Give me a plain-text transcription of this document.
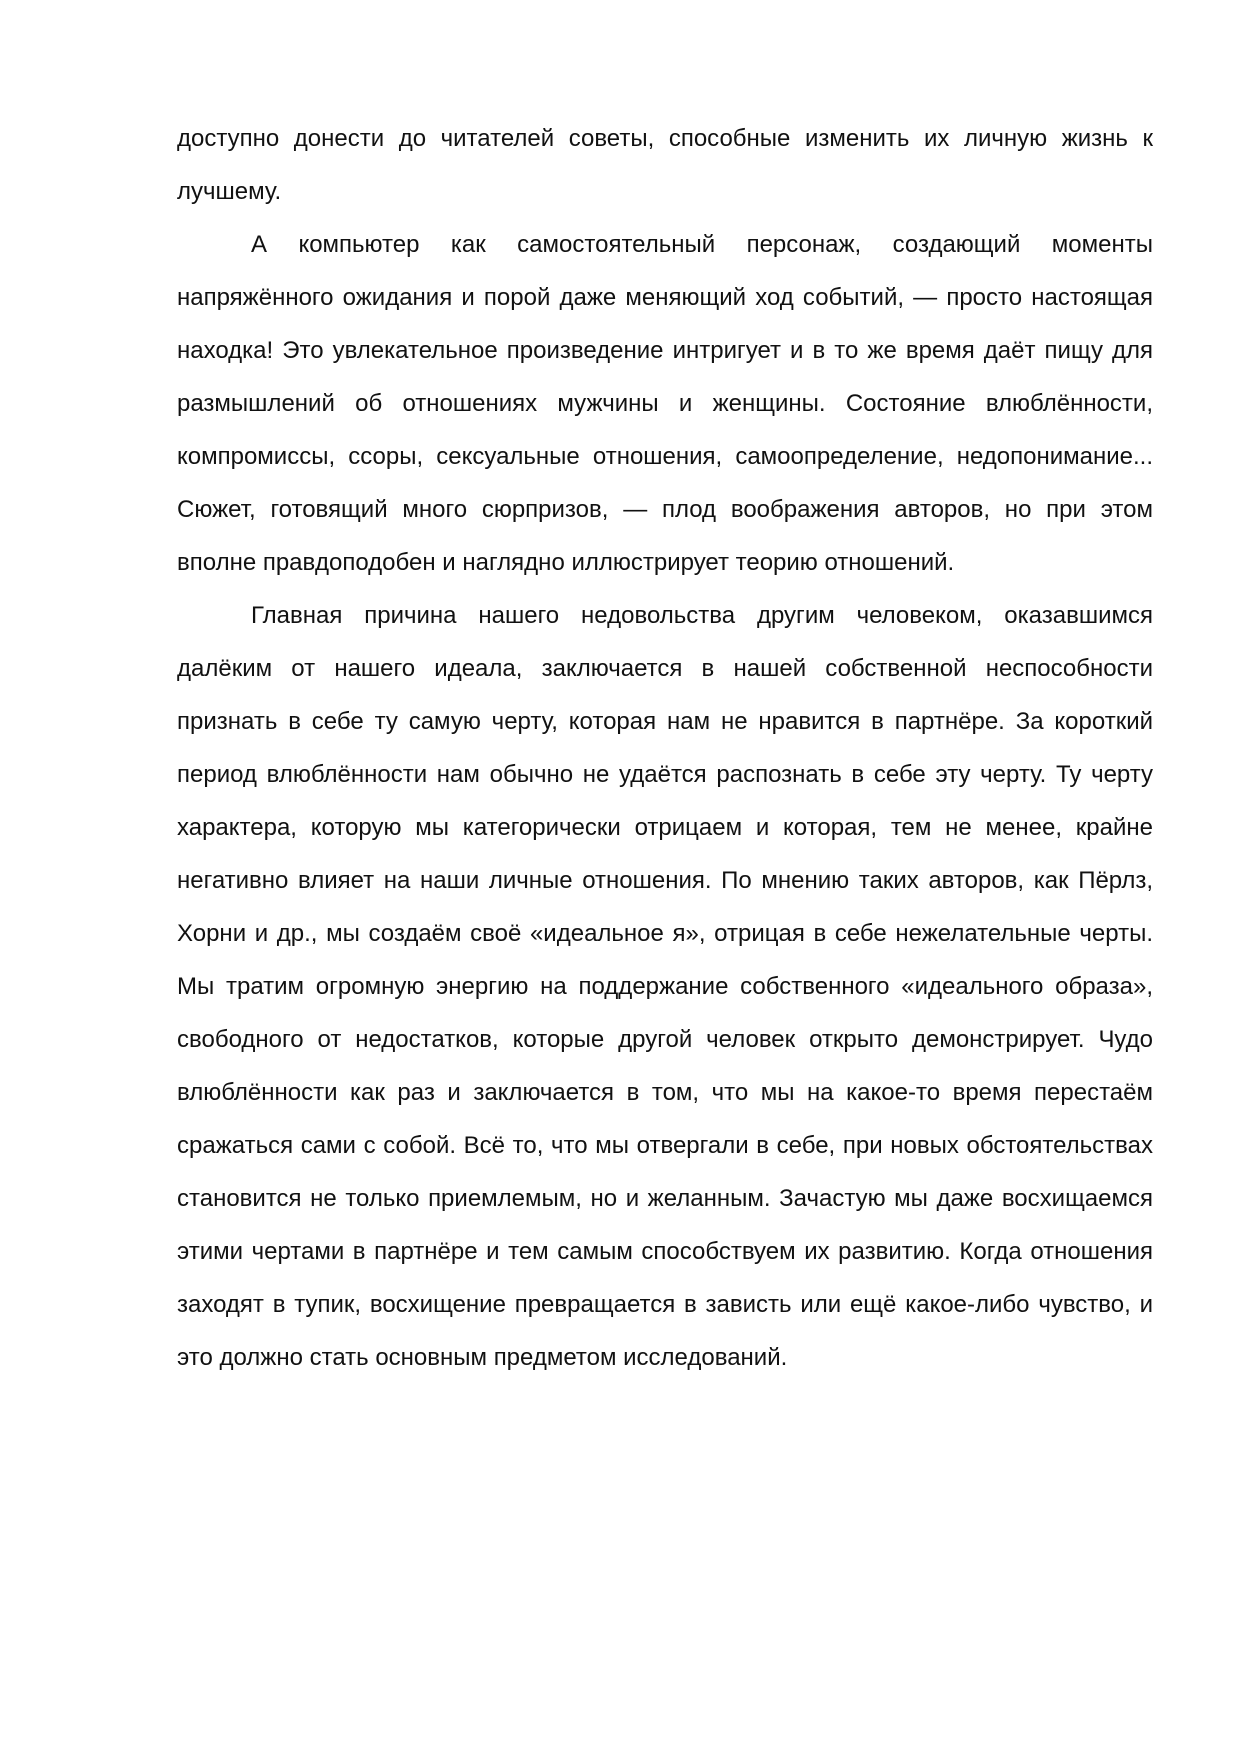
доступно донести до читателей советы, способные изменить их личную жизнь к лучшему.

А компьютер как самостоятельный персонаж, создающий моменты напряжённого ожидания и порой даже меняющий ход событий, — просто настоящая находка! Это увлекательное произведение интригует и в то же время даёт пищу для размышлений об отношениях мужчины и женщины. Состояние влюблённости, компромиссы, ссоры, сексуальные отношения, самоопределение, недопонимание... Сюжет, готовящий много сюрпризов, — плод воображения авторов, но при этом вполне правдоподобен и наглядно иллюстрирует теорию отношений.

Главная причина нашего недовольства другим человеком, оказавшимся далёким от нашего идеала, заключается в нашей собственной неспособности признать в себе ту самую черту, которая нам не нравится в партнёре. За короткий период влюблённости нам обычно не удаётся распознать в себе эту черту. Ту черту характера, которую мы категорически отрицаем и которая, тем не менее, крайне негативно влияет на наши личные отношения. По мнению таких авторов, как Пёрлз, Хорни и др., мы создаём своё «идеальное я», отрицая в себе нежелательные черты. Мы тратим огромную энергию на поддержание собственного «идеального образа», свободного от недостатков, которые другой человек открыто демонстрирует. Чудо влюблённости как раз и заключается в том, что мы на какое-то время перестаём сражаться сами с собой. Всё то, что мы отвергали в себе, при новых обстоятельствах становится не только приемлемым, но и желанным. Зачастую мы даже восхищаемся этими чертами в партнёре и тем самым способствуем их развитию. Когда отношения заходят в тупик, восхищение превращается в зависть или ещё какое-либо чувство, и это должно стать основным предметом исследований.
